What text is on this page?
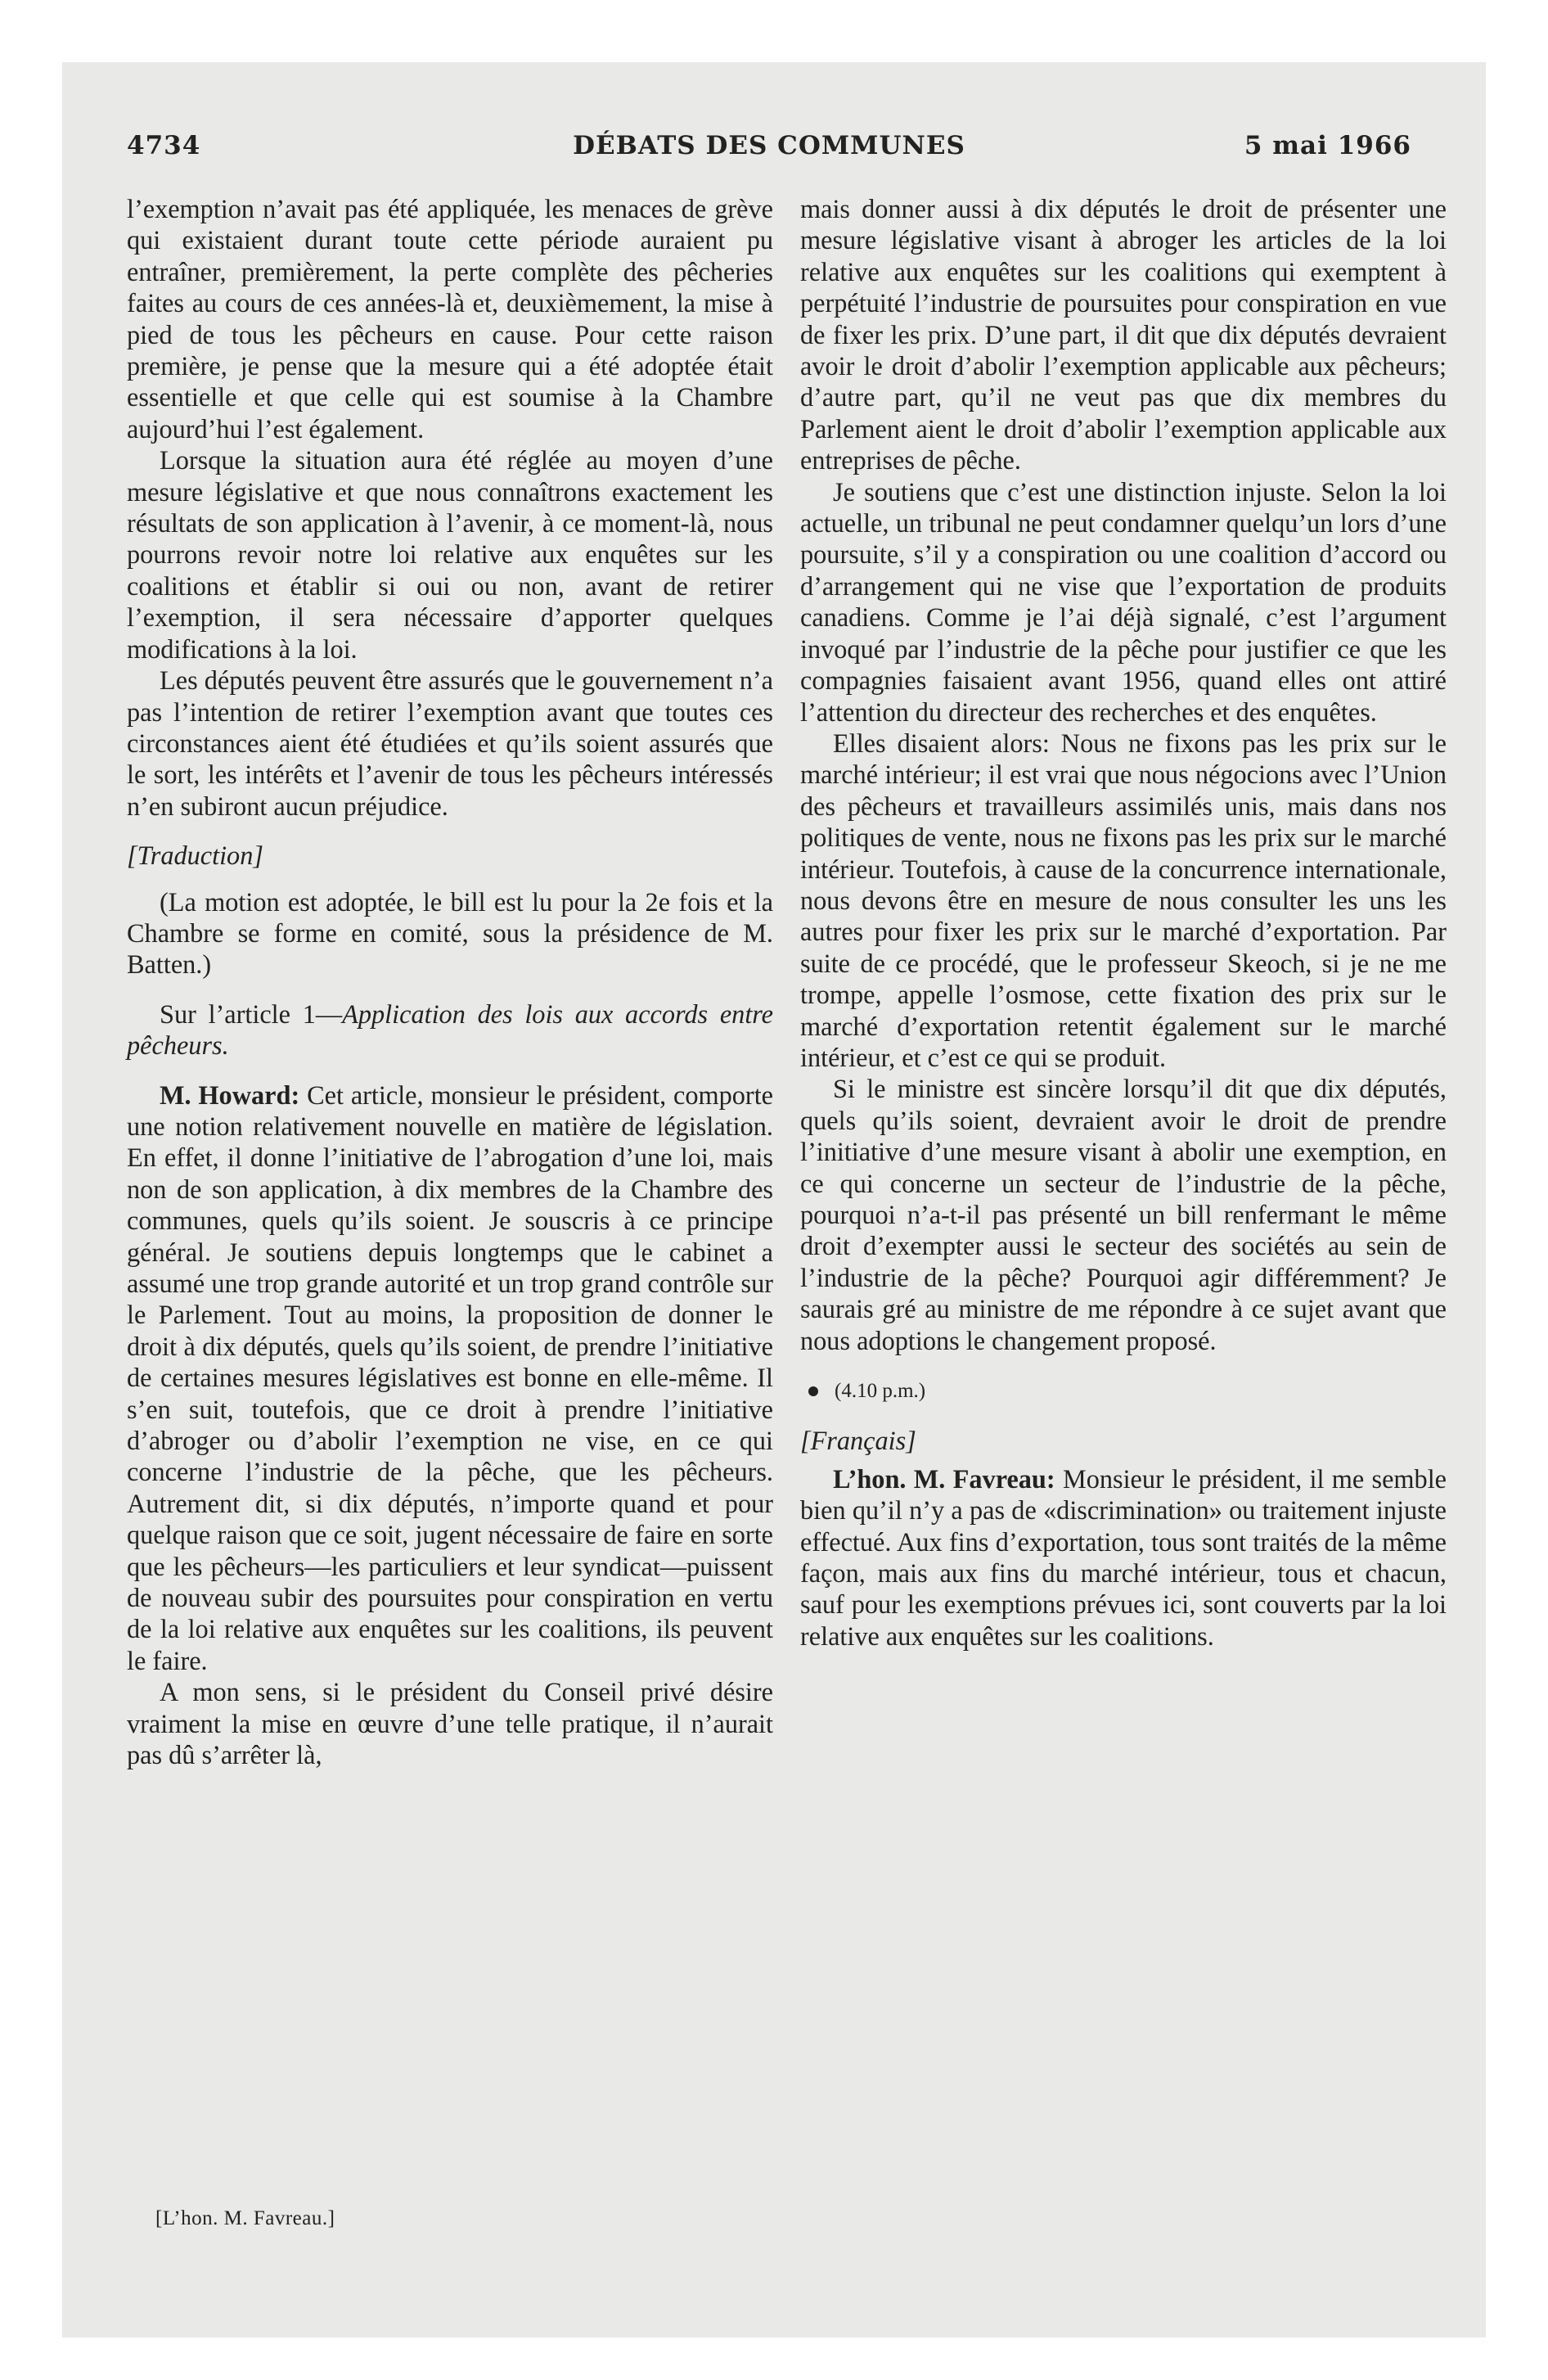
4734	DÉBATS DES COMMUNES	5 mai 1966

l’exemption n’avait pas été appliquée, les menaces de grève qui existaient durant toute cette période auraient pu entraîner, premièrement, la perte complète des pêcheries faites au cours de ces années-là et, deuxièmement, la mise à pied de tous les pêcheurs en cause. Pour cette raison première, je pense que la mesure qui a été adoptée était essentielle et que celle qui est soumise à la Chambre aujourd’hui l’est également.

Lorsque la situation aura été réglée au moyen d’une mesure législative et que nous connaîtrons exactement les résultats de son application à l’avenir, à ce moment-là, nous pourrons revoir notre loi relative aux enquêtes sur les coalitions et établir si oui ou non, avant de retirer l’exemption, il sera nécessaire d’apporter quelques modifications à la loi.

Les députés peuvent être assurés que le gouvernement n’a pas l’intention de retirer l’exemption avant que toutes ces circonstances aient été étudiées et qu’ils soient assurés que le sort, les intérêts et l’avenir de tous les pêcheurs intéressés n’en subiront aucun préjudice.

[Traduction]

(La motion est adoptée, le bill est lu pour la 2e fois et la Chambre se forme en comité, sous la présidence de M. Batten.)

Sur l’article 1—Application des lois aux accords entre pêcheurs.

M. Howard: Cet article, monsieur le président, comporte une notion relativement nouvelle en matière de législation. En effet, il donne l’initiative de l’abrogation d’une loi, mais non de son application, à dix membres de la Chambre des communes, quels qu’ils soient. Je souscris à ce principe général. Je soutiens depuis longtemps que le cabinet a assumé une trop grande autorité et un trop grand contrôle sur le Parlement. Tout au moins, la proposition de donner le droit à dix députés, quels qu’ils soient, de prendre l’initiative de certaines mesures législatives est bonne en elle-même. Il s’en suit, toutefois, que ce droit à prendre l’initiative d’abroger ou d’abolir l’exemption ne vise, en ce qui concerne l’industrie de la pêche, que les pêcheurs. Autrement dit, si dix députés, n’importe quand et pour quelque raison que ce soit, jugent nécessaire de faire en sorte que les pêcheurs—les particuliers et leur syndicat—puissent de nouveau subir des poursuites pour conspiration en vertu de la loi relative aux enquêtes sur les coalitions, ils peuvent le faire.

A mon sens, si le président du Conseil privé désire vraiment la mise en œuvre d’une telle pratique, il n’aurait pas dû s’arrêter là,

[L’hon. M. Favreau.]

mais donner aussi à dix députés le droit de présenter une mesure législative visant à abroger les articles de la loi relative aux enquêtes sur les coalitions qui exemptent à perpétuité l’industrie de poursuites pour conspiration en vue de fixer les prix. D’une part, il dit que dix députés devraient avoir le droit d’abolir l’exemption applicable aux pêcheurs; d’autre part, qu’il ne veut pas que dix membres du Parlement aient le droit d’abolir l’exemption applicable aux entreprises de pêche.

Je soutiens que c’est une distinction injuste. Selon la loi actuelle, un tribunal ne peut condamner quelqu’un lors d’une poursuite, s’il y a conspiration ou une coalition d’accord ou d’arrangement qui ne vise que l’exportation de produits canadiens. Comme je l’ai déjà signalé, c’est l’argument invoqué par l’industrie de la pêche pour justifier ce que les compagnies faisaient avant 1956, quand elles ont attiré l’attention du directeur des recherches et des enquêtes.

Elles disaient alors: Nous ne fixons pas les prix sur le marché intérieur; il est vrai que nous négocions avec l’Union des pêcheurs et travailleurs assimilés unis, mais dans nos politiques de vente, nous ne fixons pas les prix sur le marché intérieur. Toutefois, à cause de la concurrence internationale, nous devons être en mesure de nous consulter les uns les autres pour fixer les prix sur le marché d’exportation. Par suite de ce procédé, que le professeur Skeoch, si je ne me trompe, appelle l’osmose, cette fixation des prix sur le marché d’exportation retentit également sur le marché intérieur, et c’est ce qui se produit.

Si le ministre est sincère lorsqu’il dit que dix députés, quels qu’ils soient, devraient avoir le droit de prendre l’initiative d’une mesure visant à abolir une exemption, en ce qui concerne un secteur de l’industrie de la pêche, pourquoi n’a-t-il pas présenté un bill renfermant le même droit d’exempter aussi le secteur des sociétés au sein de l’industrie de la pêche? Pourquoi agir différemment? Je saurais gré au ministre de me répondre à ce sujet avant que nous adoptions le changement proposé.

(4.10 p.m.)

[Français]

L’hon. M. Favreau: Monsieur le président, il me semble bien qu’il n’y a pas de «discrimination» ou traitement injuste effectué. Aux fins d’exportation, tous sont traités de la même façon, mais aux fins du marché intérieur, tous et chacun, sauf pour les exemptions prévues ici, sont couverts par la loi relative aux enquêtes sur les coalitions.
